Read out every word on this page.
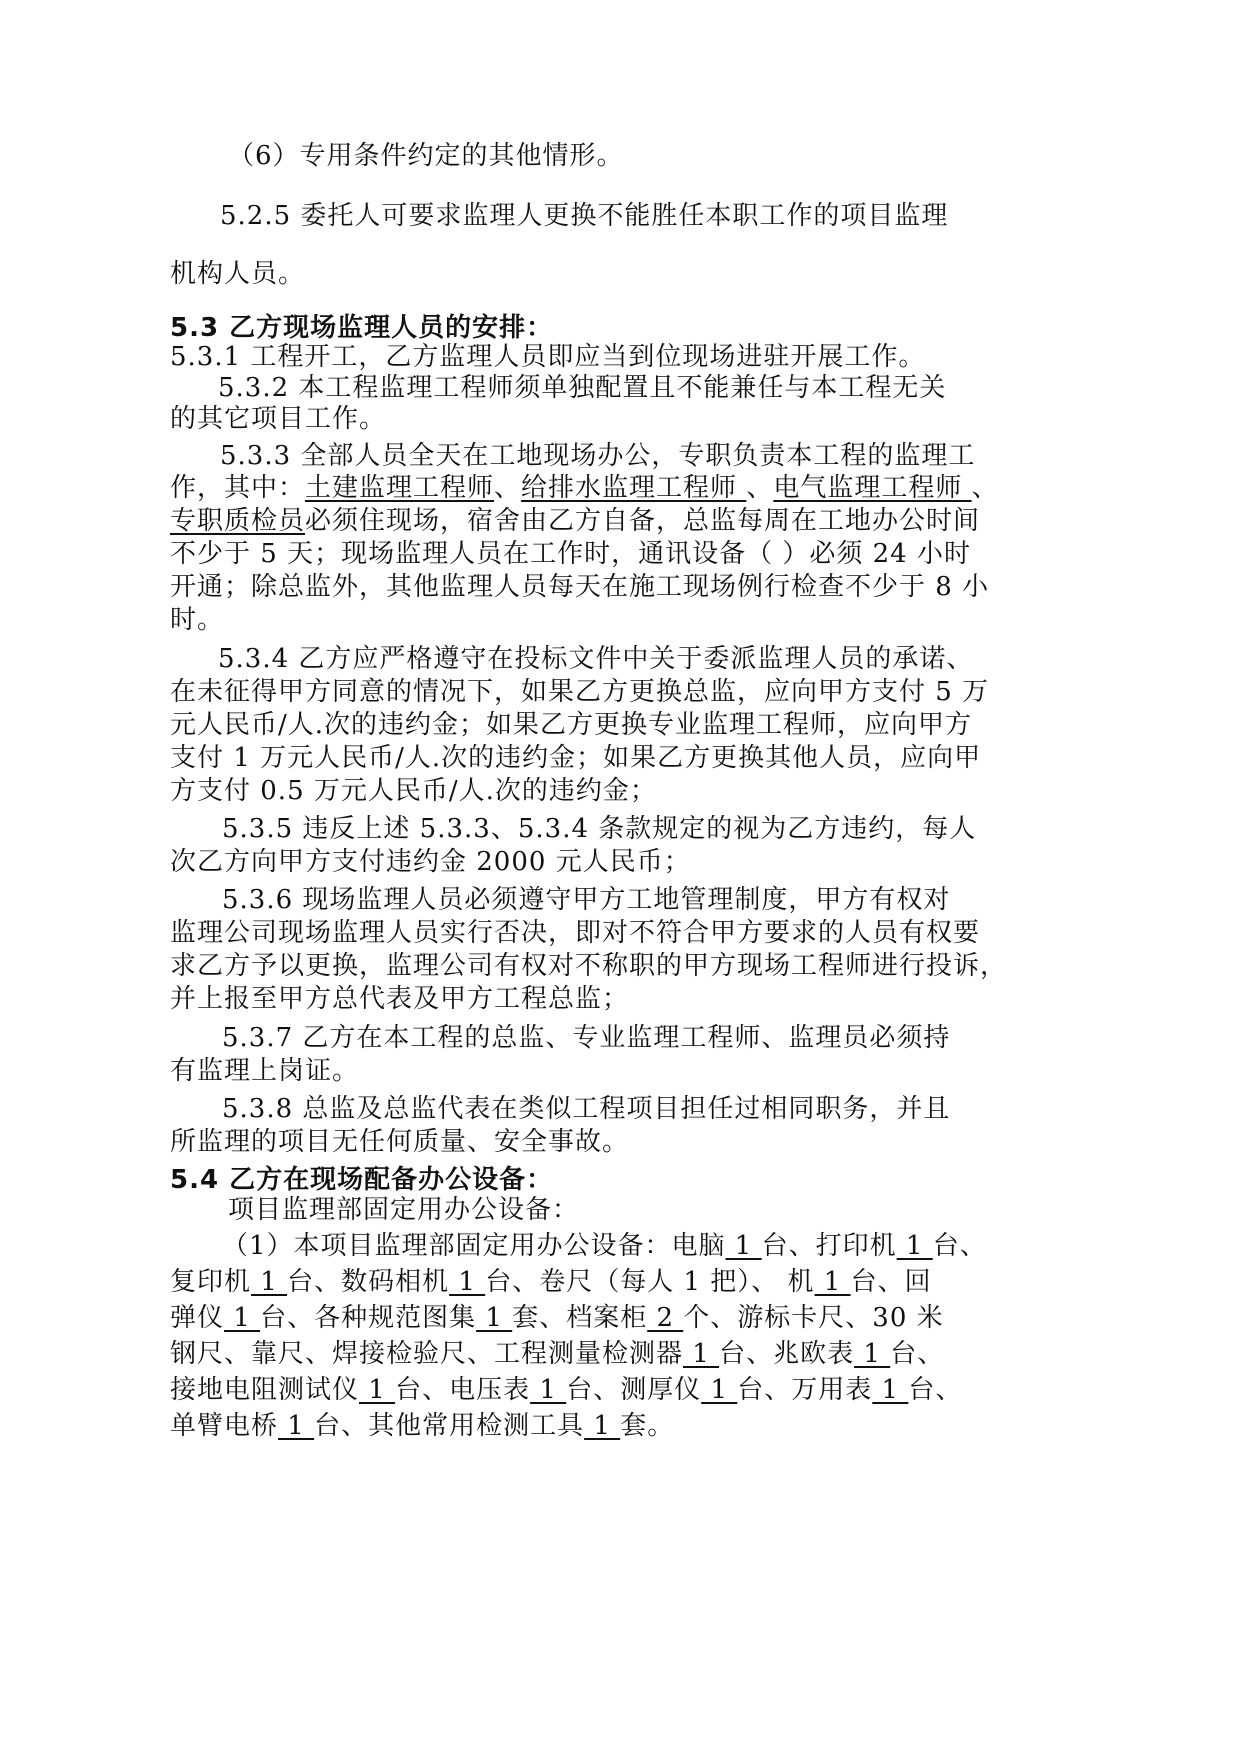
（6）专用条件约定的其他情形。
5.2.5 委托人可要求监理人更换不能胜任本职工作的项目监理
机构人员。
5.3 乙方现场监理人员的安排：
5.3.1 工程开工，乙方监理人员即应当到位现场进驻开展工作。
5.3.2 本工程监理工程师须单独配置且不能兼任与本工程无关
的其它项目工作。
5.3.3 全部人员全天在工地现场办公，专职负责本工程的监理工
作，其中：土建监理工程师、给排水监理工程师 、电气监理工程师 、
专职质检员必须住现场，宿舍由乙方自备，总监每周在工地办公时间
不少于 5 天；现场监理人员在工作时，通讯设备（ ）必须 24 小时
开通；除总监外，其他监理人员每天在施工现场例行检查不少于 8 小
时。
5.3.4 乙方应严格遵守在投标文件中关于委派监理人员的承诺、
在未征得甲方同意的情况下，如果乙方更换总监，应向甲方支付 5 万
元人民币/人.次的违约金；如果乙方更换专业监理工程师，应向甲方
支付 1 万元人民币/人.次的违约金；如果乙方更换其他人员，应向甲
方支付 0.5 万元人民币/人.次的违约金；
5.3.5 违反上述 5.3.3、5.3.4 条款规定的视为乙方违约，每人
次乙方向甲方支付违约金 2000 元人民币；
5.3.6 现场监理人员必须遵守甲方工地管理制度，甲方有权对
监理公司现场监理人员实行否决，即对不符合甲方要求的人员有权要
求乙方予以更换，监理公司有权对不称职的甲方现场工程师进行投诉，
并上报至甲方总代表及甲方工程总监；
5.3.7 乙方在本工程的总监、专业监理工程师、监理员必须持
有监理上岗证。
5.3.8 总监及总监代表在类似工程项目担任过相同职务，并且
所监理的项目无任何质量、安全事故。
5.4 乙方在现场配备办公设备：
项目监理部固定用办公设备：
（1）本项目监理部固定用办公设备：电脑 1 台、打印机 1 台、
复印机 1 台、数码相机 1 台、卷尺（每人 1 把）、 机 1 台、回
弹仪 1 台、各种规范图集 1 套、档案柜 2 个、游标卡尺、30 米
钢尺、靠尺、焊接检验尺、工程测量检测器 1 台、兆欧表 1 台、
接地电阻测试仪 1 台、电压表 1 台、测厚仪 1 台、万用表 1 台、
单臂电桥 1 台、其他常用检测工具 1 套。
